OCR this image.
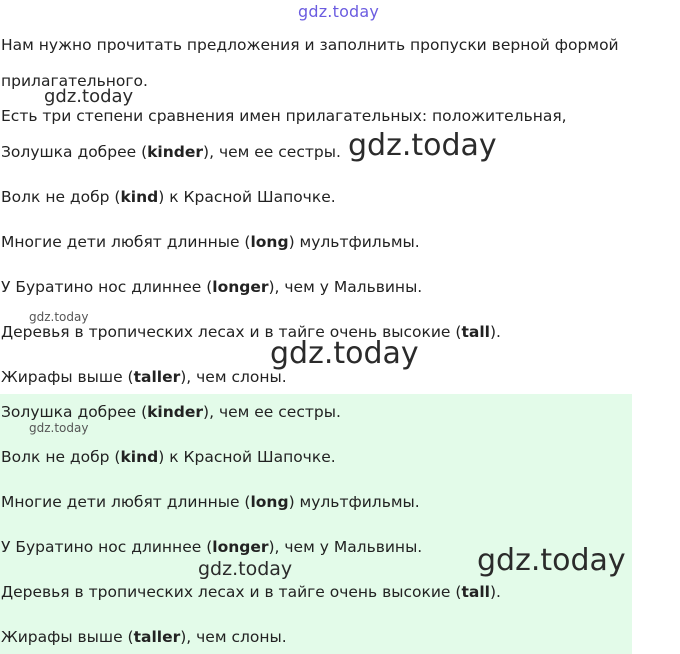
Нам нужно прочитать предложения и заполнить пропуски верной формой
прилагательного.
Есть три степени сравнения имен прилагательных: положительная,
Золушка добрее (kinder), чем ее сестры.
Волк не добр (kind) к Красной Шапочке.
Многие дети любят длинные (long) мультфильмы.
У Буратино нос длиннее (longer), чем у Мальвины.
Деревья в тропических лесах и в тайге очень высокие (tall).
Жирафы выше (taller), чем слоны.
Золушка добрее (kinder), чем ее сестры.
Волк не добр (kind) к Красной Шапочке.
Многие дети любят длинные (long) мультфильмы.
У Буратино нос длиннее (longer), чем у Мальвины.
Деревья в тропических лесах и в тайге очень высокие (tall).
Жирафы выше (taller), чем слоны.
gdz.today
gdz.today
gdz.today
gdz.today
gdz.today
gdz.today
gdz.today
gdz.today
